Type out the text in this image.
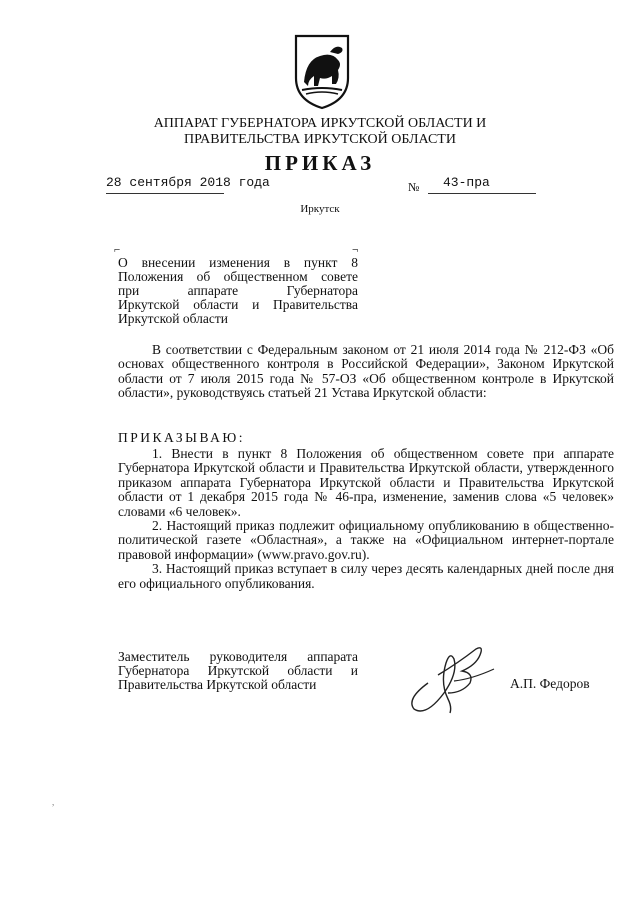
АППАРАТ ГУБЕРНАТОРА ИРКУТСКОЙ ОБЛАСТИ И
ПРАВИТЕЛЬСТВА ИРКУТСКОЙ ОБЛАСТИ
ПРИКАЗ
28 сентября 2018 года	№ 43-пра
Иркутск
⌐	¬
О внесении изменения в пункт 8
Положения об общественном совете
при аппарате Губернатора
Иркутской области и Правительства
Иркутской области

В соответствии с Федеральным законом от 21 июля 2014 года № 212-ФЗ «Об основах общественного контроля в Российской Федерации», Законом Иркутской области от 7 июля 2015 года № 57-ОЗ «Об общественном контроле в Иркутской области», руководствуясь статьей 21 Устава Иркутской области:

ПРИКАЗЫВАЮ:

1. Внести в пункт 8 Положения об общественном совете при аппарате Губернатора Иркутской области и Правительства Иркутской области, утвержденного приказом аппарата Губернатора Иркутской области и Правительства Иркутской области от 1 декабря 2015 года № 46-пра, изменение, заменив слова «5 человек» словами «6 человек».

2. Настоящий приказ подлежит официальному опубликованию в общественно-политической газете «Областная», а также на «Официальном интернет-портале правовой информации» (www.pravo.gov.ru).

3. Настоящий приказ вступает в силу через десять календарных дней после дня его официального опубликования.

Заместитель руководителя аппарата
Губернатора Иркутской области и
Правительства Иркутской области	А.П. Федоров
,
